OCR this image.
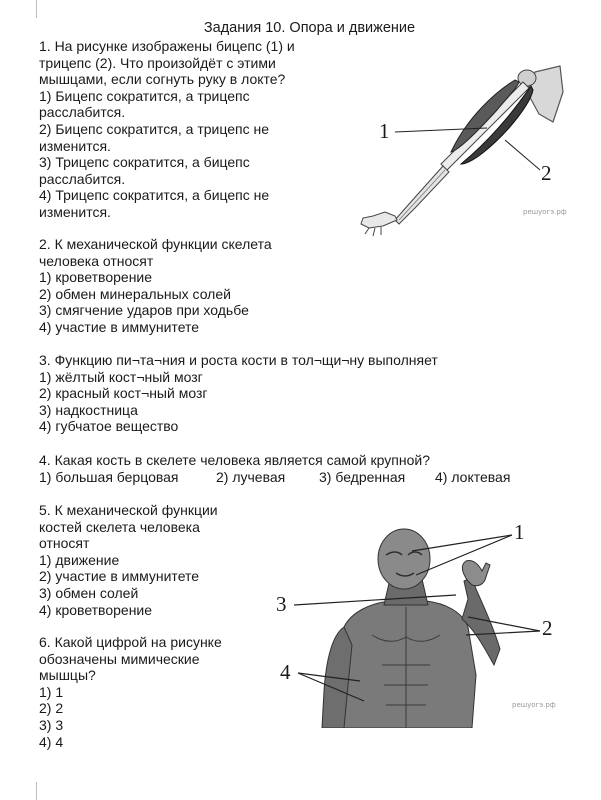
Задания 10. Опора и движение
1. На рисунке изображены бицепс (1) и
трицепс (2). Что произойдёт с этими
мышцами, если согнуть руку в локте?
1) Бицепс сократится, а трицепс
расслабится.
2) Бицепс сократится, а трицепс не
изменится.
3) Трицепс сократится, а бицепс
расслабится.
4) Трицепс сократится, а бицепс не
изменится.
1
2
решуогэ.рф
2. К механической функции скелета
человека относят
1) кроветворение
2) обмен минеральных солей
3) смягчение ударов при ходьбе
4) участие в иммунитете
3. Функцию пи¬та¬ния и роста кости в тол¬щи¬ну выполняет
1) жёлтый кост¬ный мозг
2) красный кост¬ный мозг
3) надкостница
4) губчатое вещество
4. Какая кость в скелете человека является самой крупной?
1) большая берцовая	2) лучевая	3) бедренная	4) локтевая
5. К механической функции
костей скелета человека
относят
1) движение
2) участие в иммунитете
3) обмен солей
4) кроветворение
6. Какой цифрой на рисунке
обозначены мимические
мышцы?
1) 1
2) 2
3) 3
4) 4
1
2
3
4
решуогэ.рф
